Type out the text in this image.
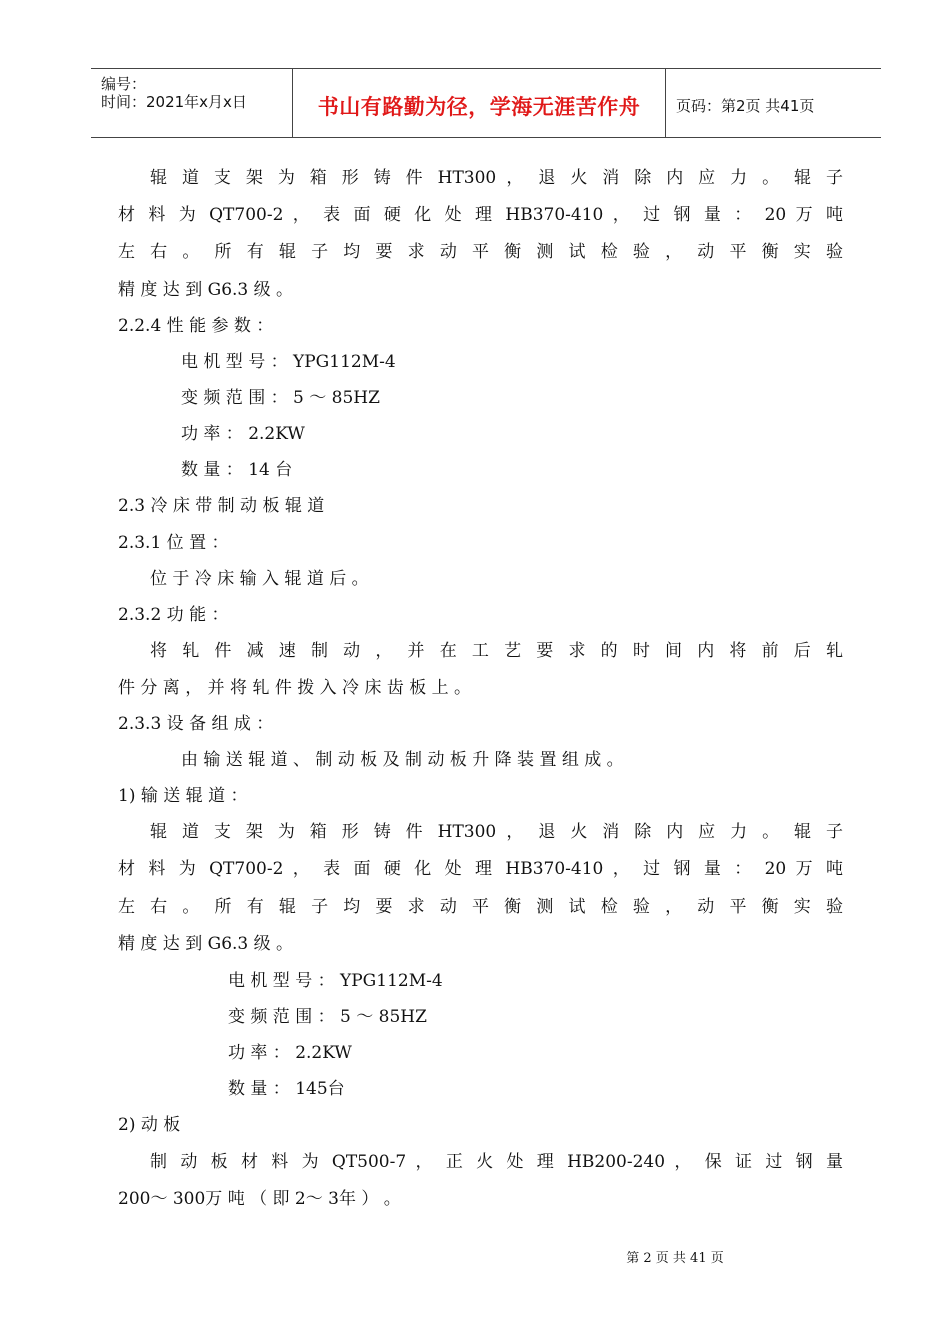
编号：
时间：2021年x月x日	书山有路勤为径，学海无涯苦作舟	页码：第2页 共41页
辊 道 支 架 为 箱 形 铸 件 HT300 ， 退 火 消 除 内 应 力 。 辊 子
材 料 为 QT700-2 ， 表 面 硬 化 处 理 HB370-410 ， 过 钢 量 ： 20 万 吨
左 右 。 所 有 辊 子 均 要 求 动 平 衡 测 试 检 验 ， 动 平 衡 实 验
精 度 达 到 G6.3 级 。
2.2.4 性 能 参 数 ：
电 机 型 号 ： YPG112M-4
变 频 范 围 ： 5 ～ 85HZ
功 率 ： 2.2KW
数 量 ： 14 台
2.3 冷 床 带 制 动 板 辊 道
2.3.1 位 置 ：
位 于 冷 床 输 入 辊 道 后 。
2.3.2 功 能 ：
将 轧 件 减 速 制 动 ， 并 在 工 艺 要 求 的 时 间 内 将 前 后 轧
件 分 离 ， 并 将 轧 件 拨 入 冷 床 齿 板 上 。
2.3.3 设 备 组 成 ：
由 输 送 辊 道 、 制 动 板 及 制 动 板 升 降 装 置 组 成 。
1) 输 送 辊 道 ：
辊 道 支 架 为 箱 形 铸 件 HT300 ， 退 火 消 除 内 应 力 。 辊 子
材 料 为 QT700-2 ， 表 面 硬 化 处 理 HB370-410 ， 过 钢 量 ： 20 万 吨
左 右 。 所 有 辊 子 均 要 求 动 平 衡 测 试 检 验 ， 动 平 衡 实 验
精 度 达 到 G6.3 级 。
电 机 型 号 ： YPG112M-4
变 频 范 围 ： 5 ～ 85HZ
功 率 ： 2.2KW
数 量 ： 145台
2) 动 板
制 动 板 材 料 为 QT500-7 ， 正 火 处 理 HB200-240 ， 保 证 过 钢 量
200～ 300万 吨 （ 即 2～ 3年 ） 。
第 2 页 共 41 页
